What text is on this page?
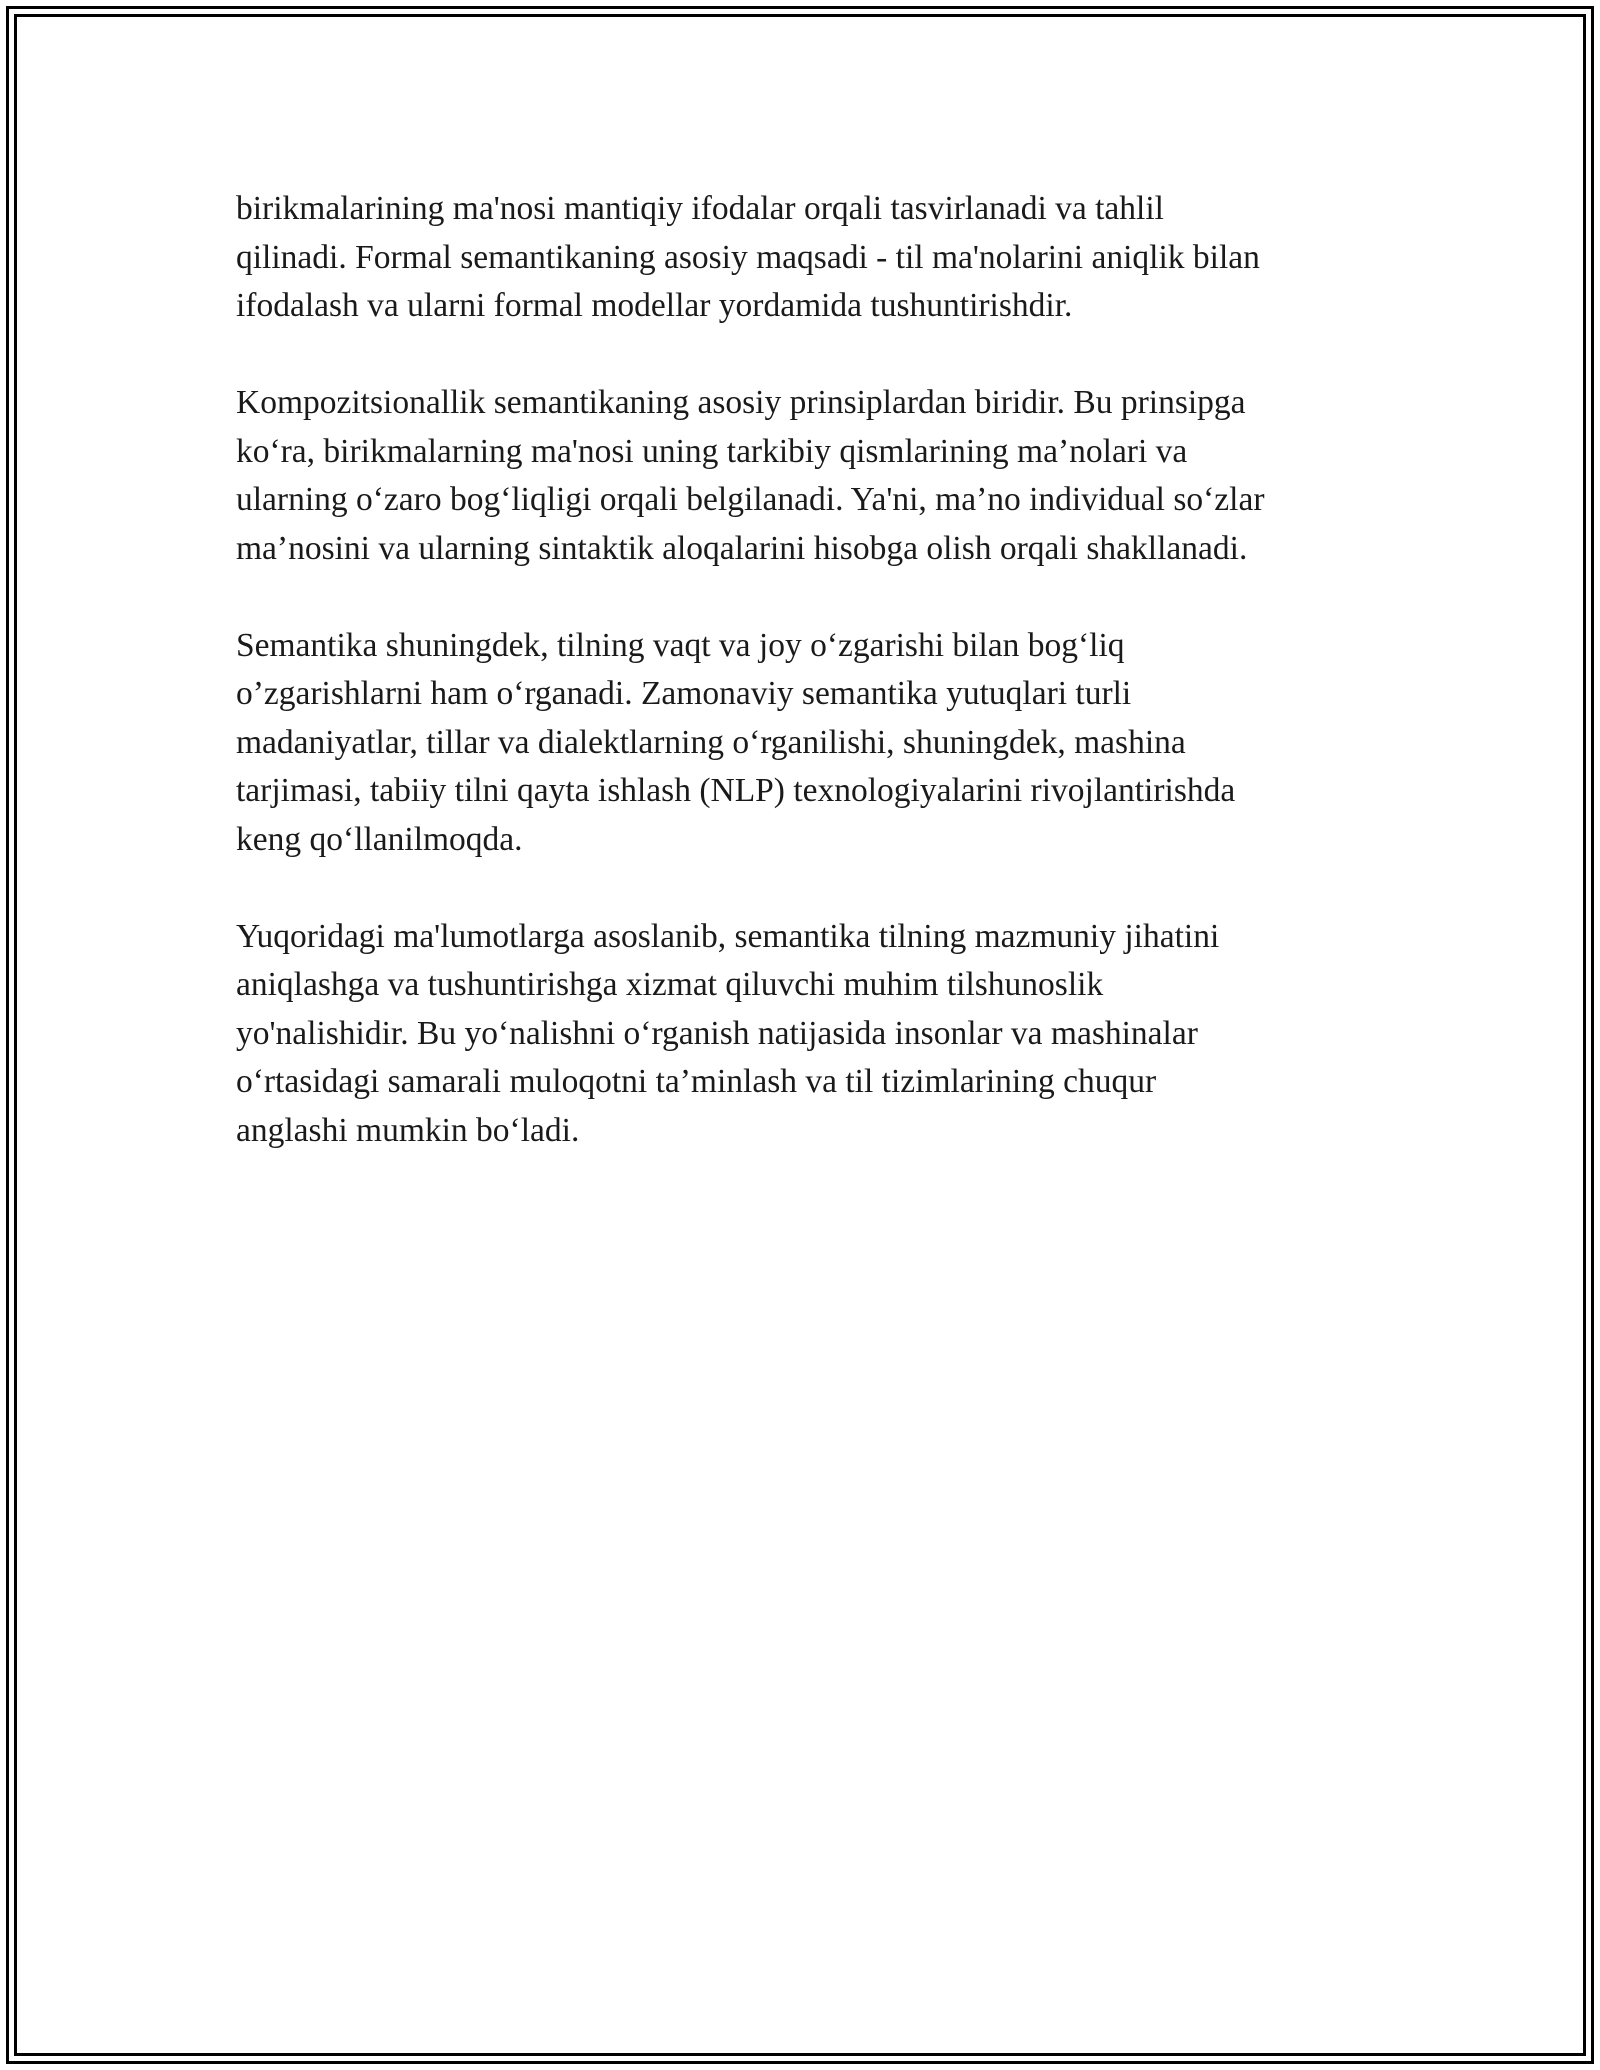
birikmalarining ma'nosi mantiqiy ifodalar orqali tasvirlanadi va tahlil
qilinadi. Formal semantikaning asosiy maqsadi - til ma'nolarini aniqlik bilan
ifodalash va ularni formal modellar yordamida tushuntirishdir.

Kompozitsionallik semantikaning asosiy prinsiplardan biridir. Bu prinsipga
ko‘ra, birikmalarning ma'nosi uning tarkibiy qismlarining ma’nolari va
ularning o‘zaro bog‘liqligi orqali belgilanadi. Ya'ni, ma’no individual so‘zlar
ma’nosini va ularning sintaktik aloqalarini hisobga olish orqali shakllanadi.

Semantika shuningdek, tilning vaqt va joy o‘zgarishi bilan bog‘liq
o’zgarishlarni ham o‘rganadi. Zamonaviy semantika yutuqlari turli
madaniyatlar, tillar va dialektlarning o‘rganilishi, shuningdek, mashina
tarjimasi, tabiiy tilni qayta ishlash (NLP) texnologiyalarini rivojlantirishda
keng qo‘llanilmoqda.

Yuqoridagi ma'lumotlarga asoslanib, semantika tilning mazmuniy jihatini
aniqlashga va tushuntirishga xizmat qiluvchi muhim tilshunoslik
yo'nalishidir. Bu yo‘nalishni o‘rganish natijasida insonlar va mashinalar
o‘rtasidagi samarali muloqotni ta’minlash va til tizimlarining chuqur
anglashi mumkin bo‘ladi.
